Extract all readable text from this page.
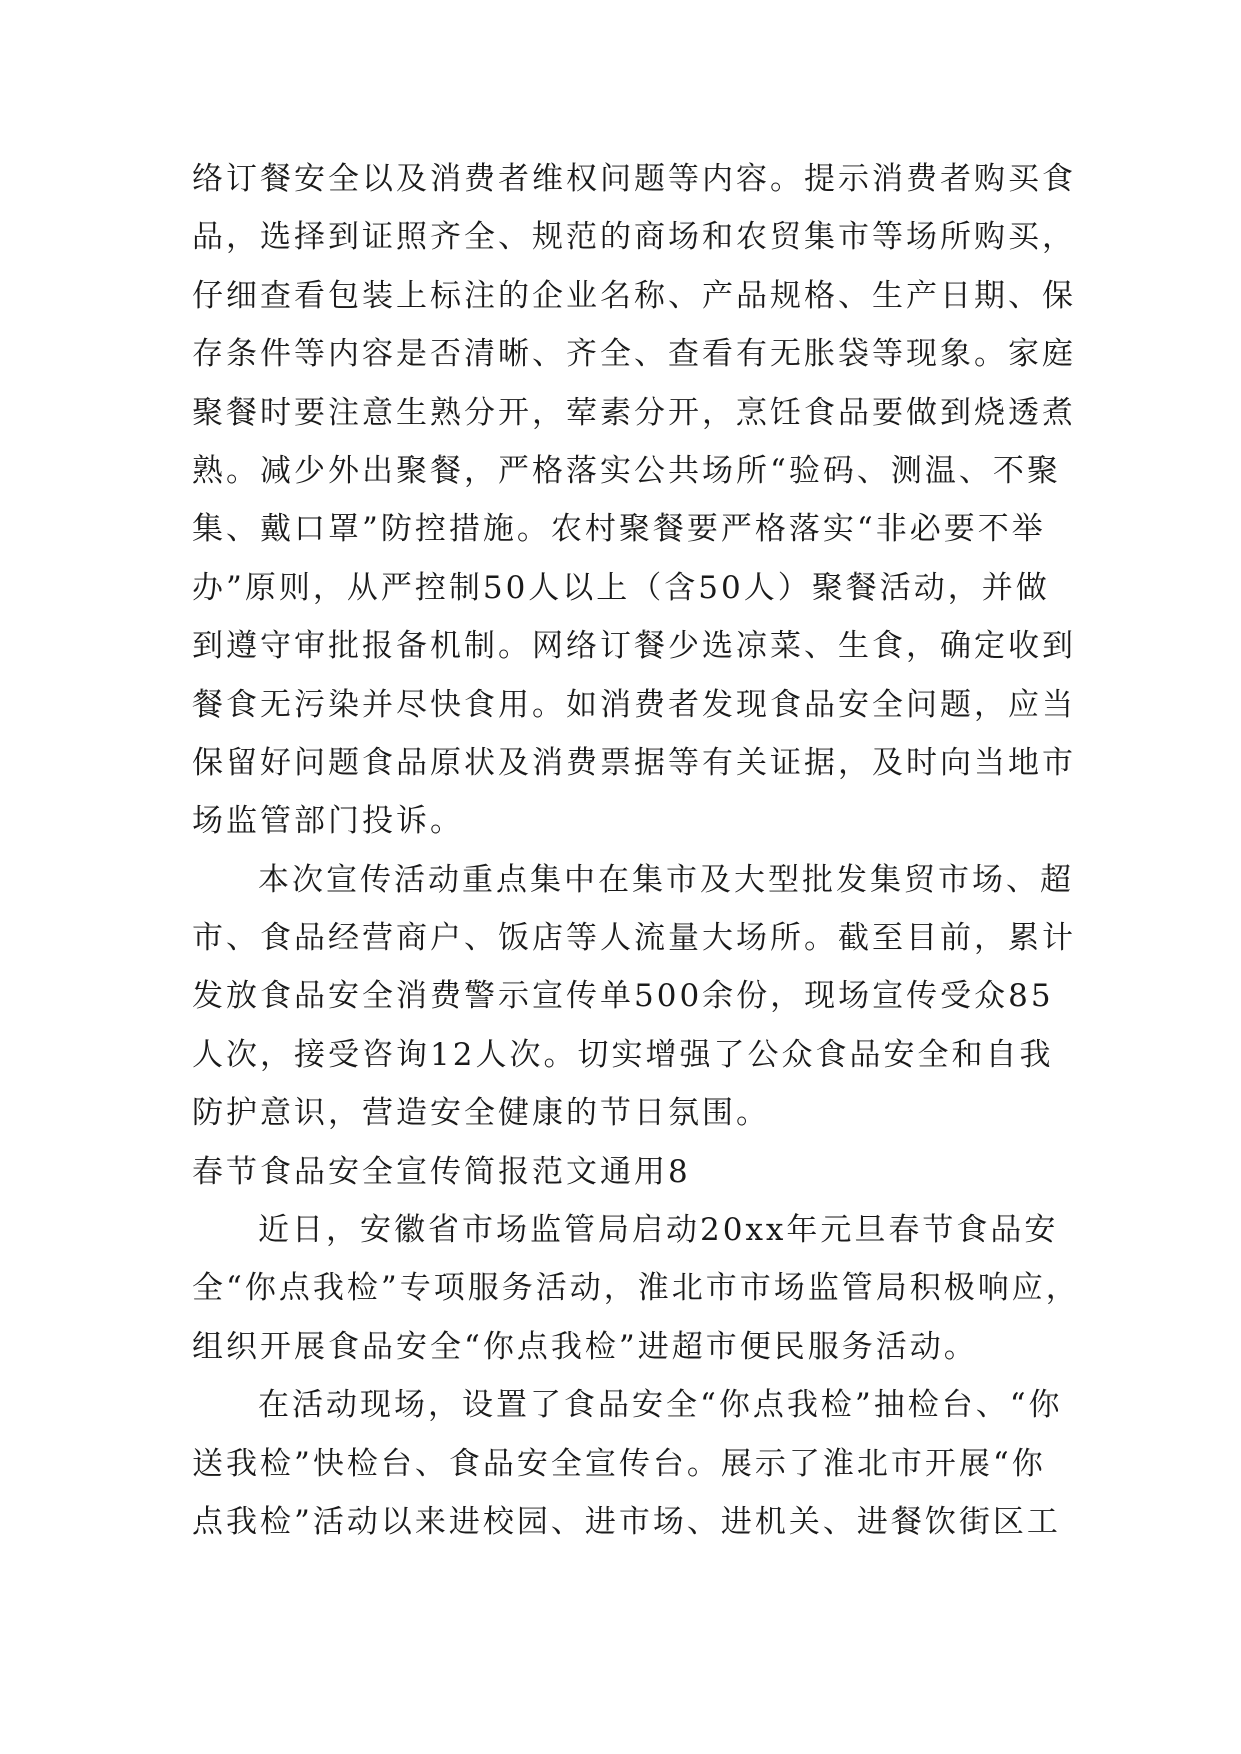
络订餐安全以及消费者维权问题等内容。提示消费者购买食
品，选择到证照齐全、规范的商场和农贸集市等场所购买，
仔细查看包装上标注的企业名称、产品规格、生产日期、保
存条件等内容是否清晰、齐全、查看有无胀袋等现象。家庭
聚餐时要注意生熟分开，荤素分开，烹饪食品要做到烧透煮
熟。减少外出聚餐，严格落实公共场所“验码、测温、不聚
集、戴口罩”防控措施。农村聚餐要严格落实“非必要不举
办”原则，从严控制50人以上（含50人）聚餐活动，并做
到遵守审批报备机制。网络订餐少选凉菜、生食，确定收到
餐食无污染并尽快食用。如消费者发现食品安全问题，应当
保留好问题食品原状及消费票据等有关证据，及时向当地市
场监管部门投诉。
本次宣传活动重点集中在集市及大型批发集贸市场、超
市、食品经营商户、饭店等人流量大场所。截至目前，累计
发放食品安全消费警示宣传单500余份，现场宣传受众85
人次，接受咨询12人次。切实增强了公众食品安全和自我
防护意识，营造安全健康的节日氛围。
春节食品安全宣传简报范文通用8
近日，安徽省市场监管局启动20xx年元旦春节食品安
全“你点我检”专项服务活动，淮北市市场监管局积极响应，
组织开展食品安全“你点我检”进超市便民服务活动。
在活动现场，设置了食品安全“你点我检”抽检台、“你
送我检”快检台、食品安全宣传台。展示了淮北市开展“你
点我检”活动以来进校园、进市场、进机关、进餐饮街区工
